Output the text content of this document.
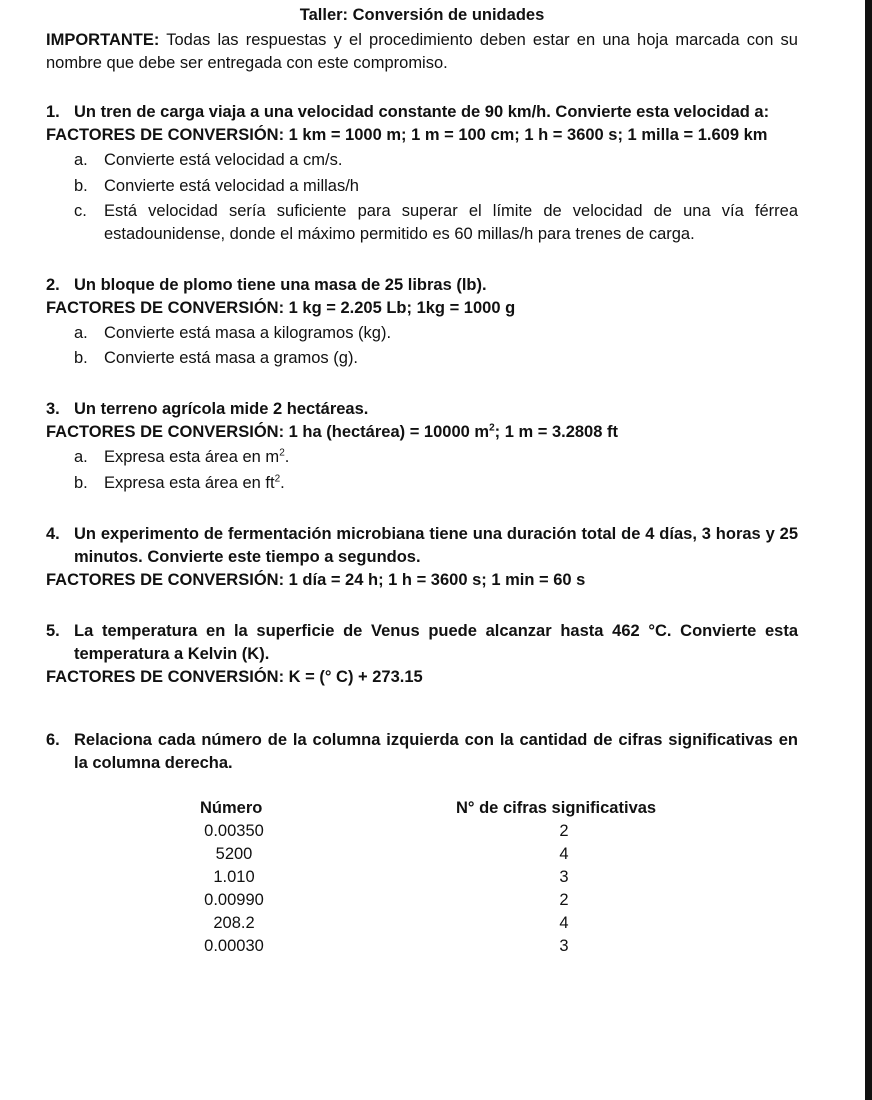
Taller: Conversión de unidades

IMPORTANTE: Todas las respuestas y el procedimiento deben estar en una hoja marcada con su nombre que debe ser entregada con este compromiso.

1. Un tren de carga viaja a una velocidad constante de 90 km/h. Convierte esta velocidad a:

FACTORES DE CONVERSIÓN: 1 km = 1000 m; 1 m = 100 cm; 1 h = 3600 s; 1 milla = 1.609 km

a. Convierte está velocidad a cm/s.
b. Convierte está velocidad a millas/h
c.	Está velocidad sería suficiente para superar el límite de velocidad de una vía férrea estadounidense, donde el máximo permitido es 60 millas/h para trenes de carga.
2. Un bloque de plomo tiene una masa de 25 libras (lb).

FACTORES DE CONVERSIÓN: 1 kg = 2.205 Lb; 1kg = 1000 g

a. Convierte está masa a kilogramos (kg).
b. Convierte está masa a gramos (g).
3. Un terreno agrícola mide 2 hectáreas.

FACTORES DE CONVERSIÓN: 1 ha (hectárea) = 10000 $m^2$; 1 m = 3.2808 ft

a. Expresa esta área en $m^2$.
b. Expresa esta área en $ft^2$.
4. Un experimento de fermentación microbiana tiene una duración total de 4 días, 3 horas y 25 minutos. Convierte este tiempo a segundos.

FACTORES DE CONVERSIÓN: 1 día = 24 h; 1 h = 3600 s; 1 min = 60 s

5. La temperatura en la superficie de Venus puede alcanzar hasta 462 °C. Convierte esta temperatura a Kelvin (K).

FACTORES DE CONVERSIÓN: K = (° C) + 273.15

6. Relaciona cada número de la columna izquierda con la cantidad de cifras significativas en la columna derecha.
Número
0.00350
5200
1.010
0.00990
208.2
0.00030
N° de cifras significativas
2
4
3
2
4
3
